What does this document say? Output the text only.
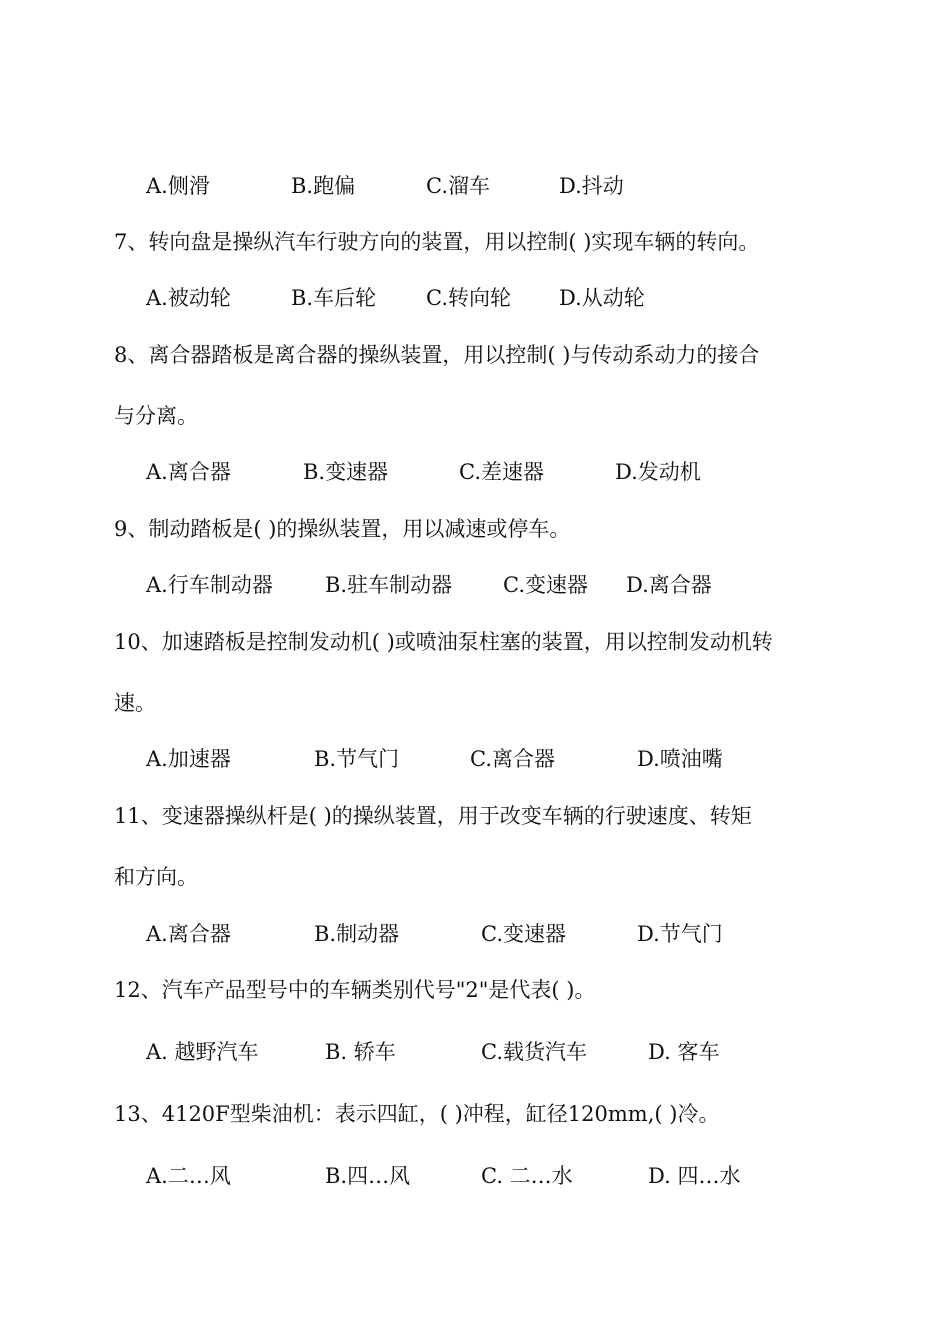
A.侧滑	B.跑偏	C.溜车	D.抖动
7、转向盘是操纵汽车行驶方向的装置，用以控制( )实现车辆的转向。
A.被动轮	B.车后轮 C.转向轮 D.从动轮
8、离合器踏板是离合器的操纵装置，用以控制( )与传动系动力的接合
与分离。
A.离合器	B.变速器	C.差速器	D.发动机
9、制动踏板是( )的操纵装置，用以减速或停车。
A.行车制动器 B.驻车制动器 C.变速器 D.离合器
10、加速踏板是控制发动机( )或喷油泵柱塞的装置，用以控制发动机转
速。
A.加速器	B.节气门	C.离合器	D.喷油嘴
11、变速器操纵杆是( )的操纵装置，用于改变车辆的行驶速度、转矩
和方向。
A.离合器	B.制动器	C.变速器	D.节气门
12、汽车产品型号中的车辆类别代号"2"是代表( )。
A. 越野汽车	B. 轿车	C.载货汽车	D. 客车
13、4120F型柴油机：表示四缸，( )冲程，缸径120mm,( )冷。
A.二…风	B.四…风	C. 二…水	D. 四…水
